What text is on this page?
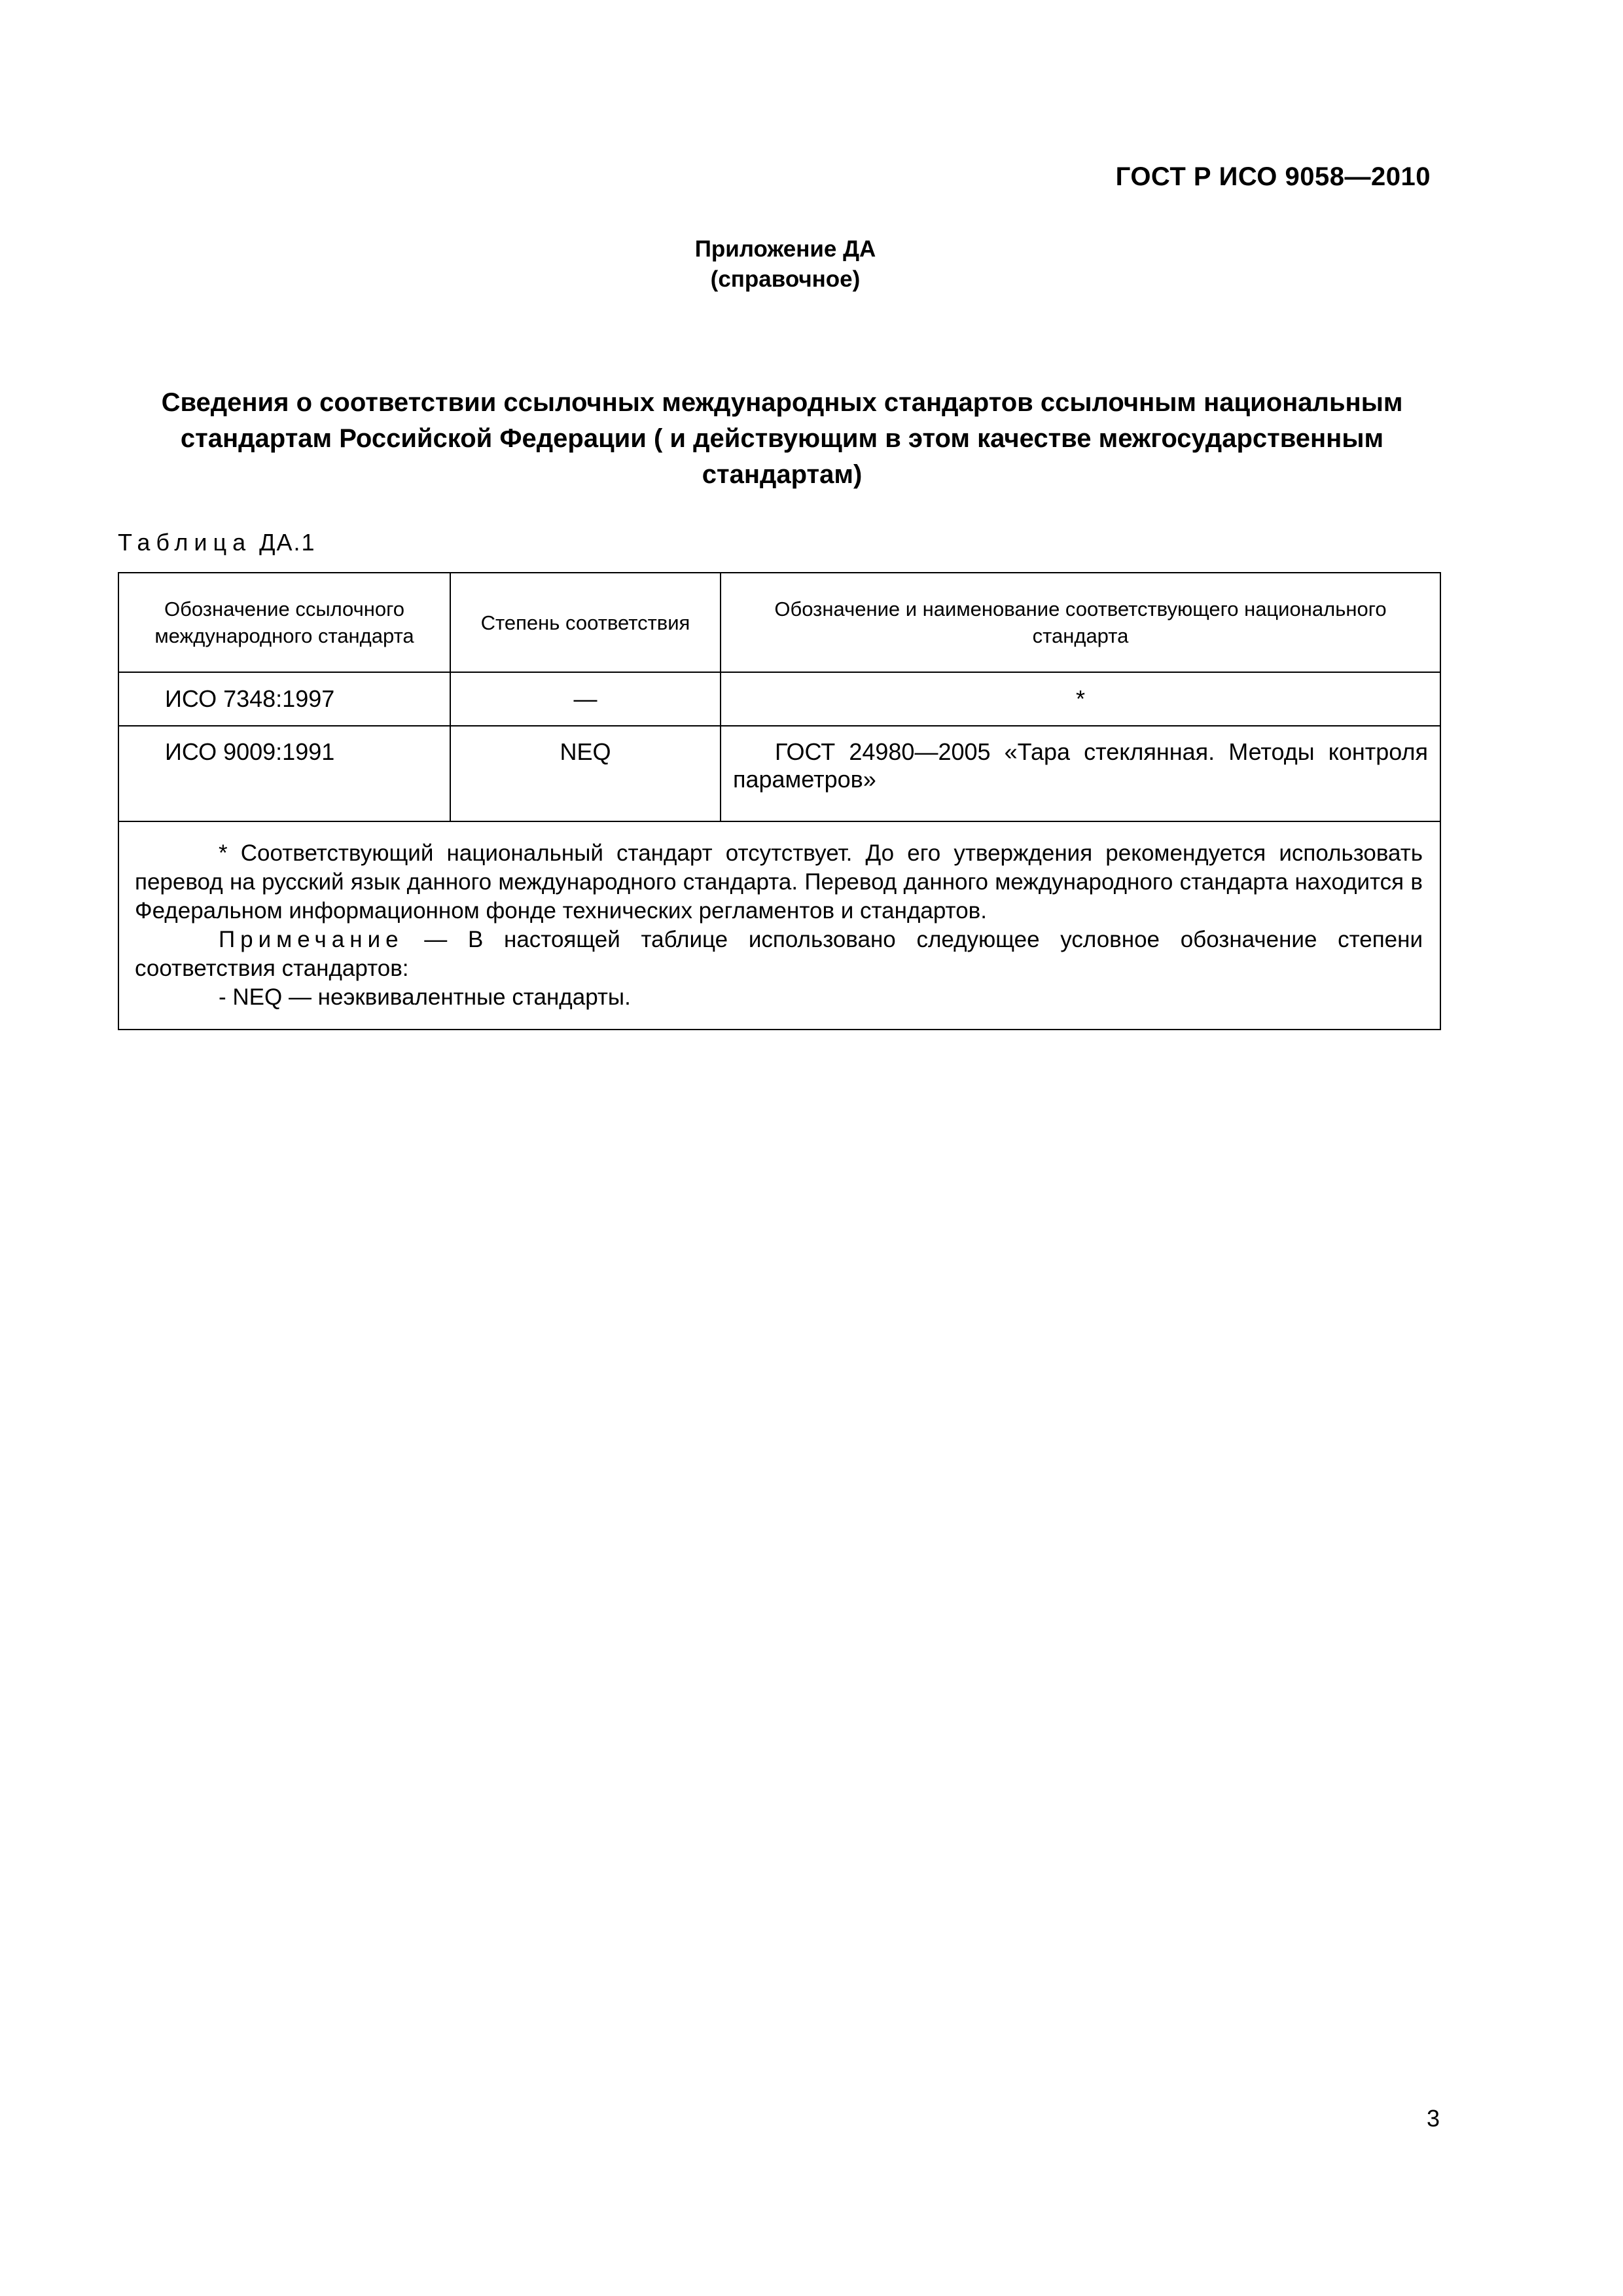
ГОСТ Р ИСО 9058—2010
Приложение ДА
(справочное)
Сведения о соответствии ссылочных международных стандартов ссылочным национальным
стандартам Российской Федерации ( и действующим в этом качестве межгосударственным
стандартам)
Таблица ДА.1
Обозначение ссылочного международного стандарта	Степень соответствия	Обозначение и наименование соответствующего национального стандарта
ИСО 7348:1997	—	*
ИСО 9009:1991	NEQ	ГОСТ 24980—2005 «Тара стеклянная. Методы контроля параметров»

* Соответствующий национальный стандарт отсутствует. До его утверждения рекомендуется использовать перевод на русский язык данного международного стандарта. Перевод данного международного стандарта находится в Федеральном информационном фонде технических регламентов и стандартов.

Примечание — В настоящей таблице использовано следующее условное обозначение степени соответствия стандартов:

- NEQ — неэквивалентные стандарты.		

3
